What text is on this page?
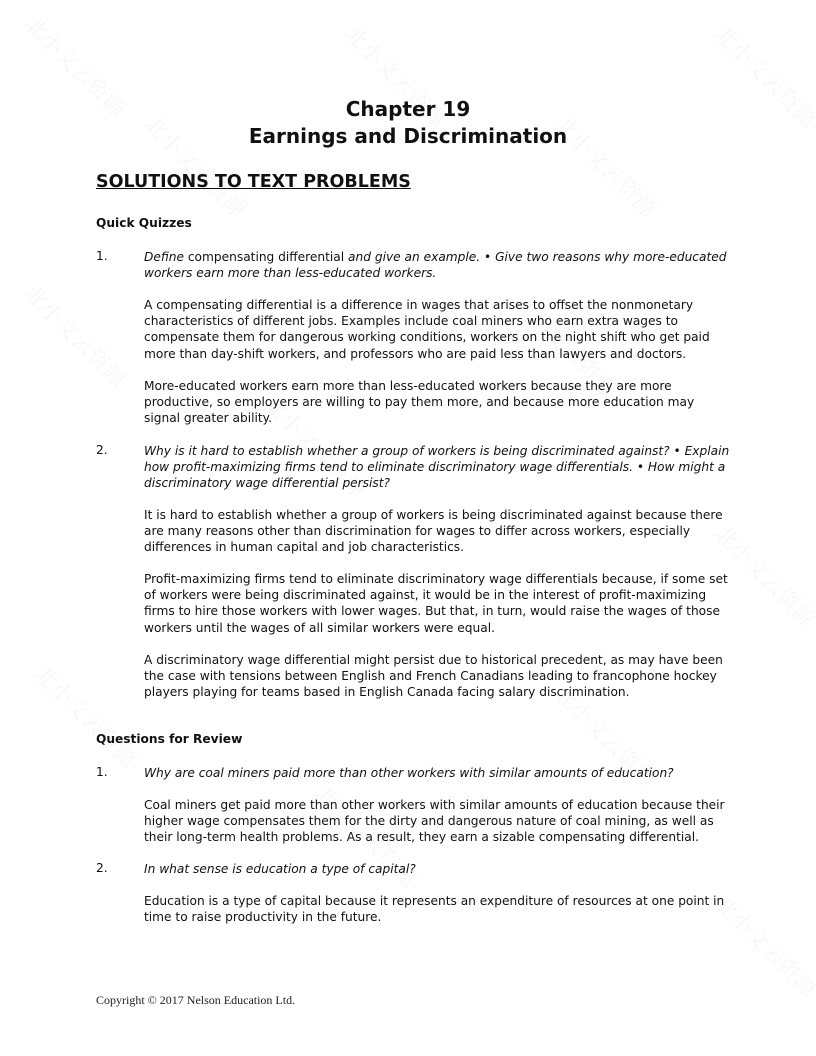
Chapter 19
Earnings and Discrimination
SOLUTIONS TO TEXT PROBLEMS
Quick Quizzes
1.	Define compensating differential and give an example. • Give two reasons why more-educated
workers earn more than less-educated workers.
A compensating differential is a difference in wages that arises to offset the nonmonetary characteristics of different jobs. Examples include coal miners who earn extra wages to compensate them for dangerous working conditions, workers on the night shift who get paid more than day-shift workers, and professors who are paid less than lawyers and doctors.
More-educated workers earn more than less-educated workers because they are more productive, so employers are willing to pay them more, and because more education may signal greater ability.
2.	Why is it hard to establish whether a group of workers is being discriminated against? • Explain how profit-maximizing firms tend to eliminate discriminatory wage differentials. • How might a discriminatory wage differential persist?
It is hard to establish whether a group of workers is being discriminated against because there are many reasons other than discrimination for wages to differ across workers, especially differences in human capital and job characteristics.
Profit-maximizing firms tend to eliminate discriminatory wage differentials because, if some set of workers were being discriminated against, it would be in the interest of profit-maximizing firms to hire those workers with lower wages. But that, in turn, would raise the wages of those workers until the wages of all similar workers were equal.
A discriminatory wage differential might persist due to historical precedent, as may have been the case with tensions between English and French Canadians leading to francophone hockey players playing for teams based in English Canada facing salary discrimination.
Questions for Review
1.	Why are coal miners paid more than other workers with similar amounts of education?
Coal miners get paid more than other workers with similar amounts of education because their higher wage compensates them for the dirty and dangerous nature of coal mining, as well as their long-term health problems. As a result, they earn a sizable compensating differential.
2.	In what sense is education a type of capital?
Education is a type of capital because it represents an expenditure of resources at one point in time to raise productivity in the future.
Copyright © 2017 Nelson Education Ltd.
